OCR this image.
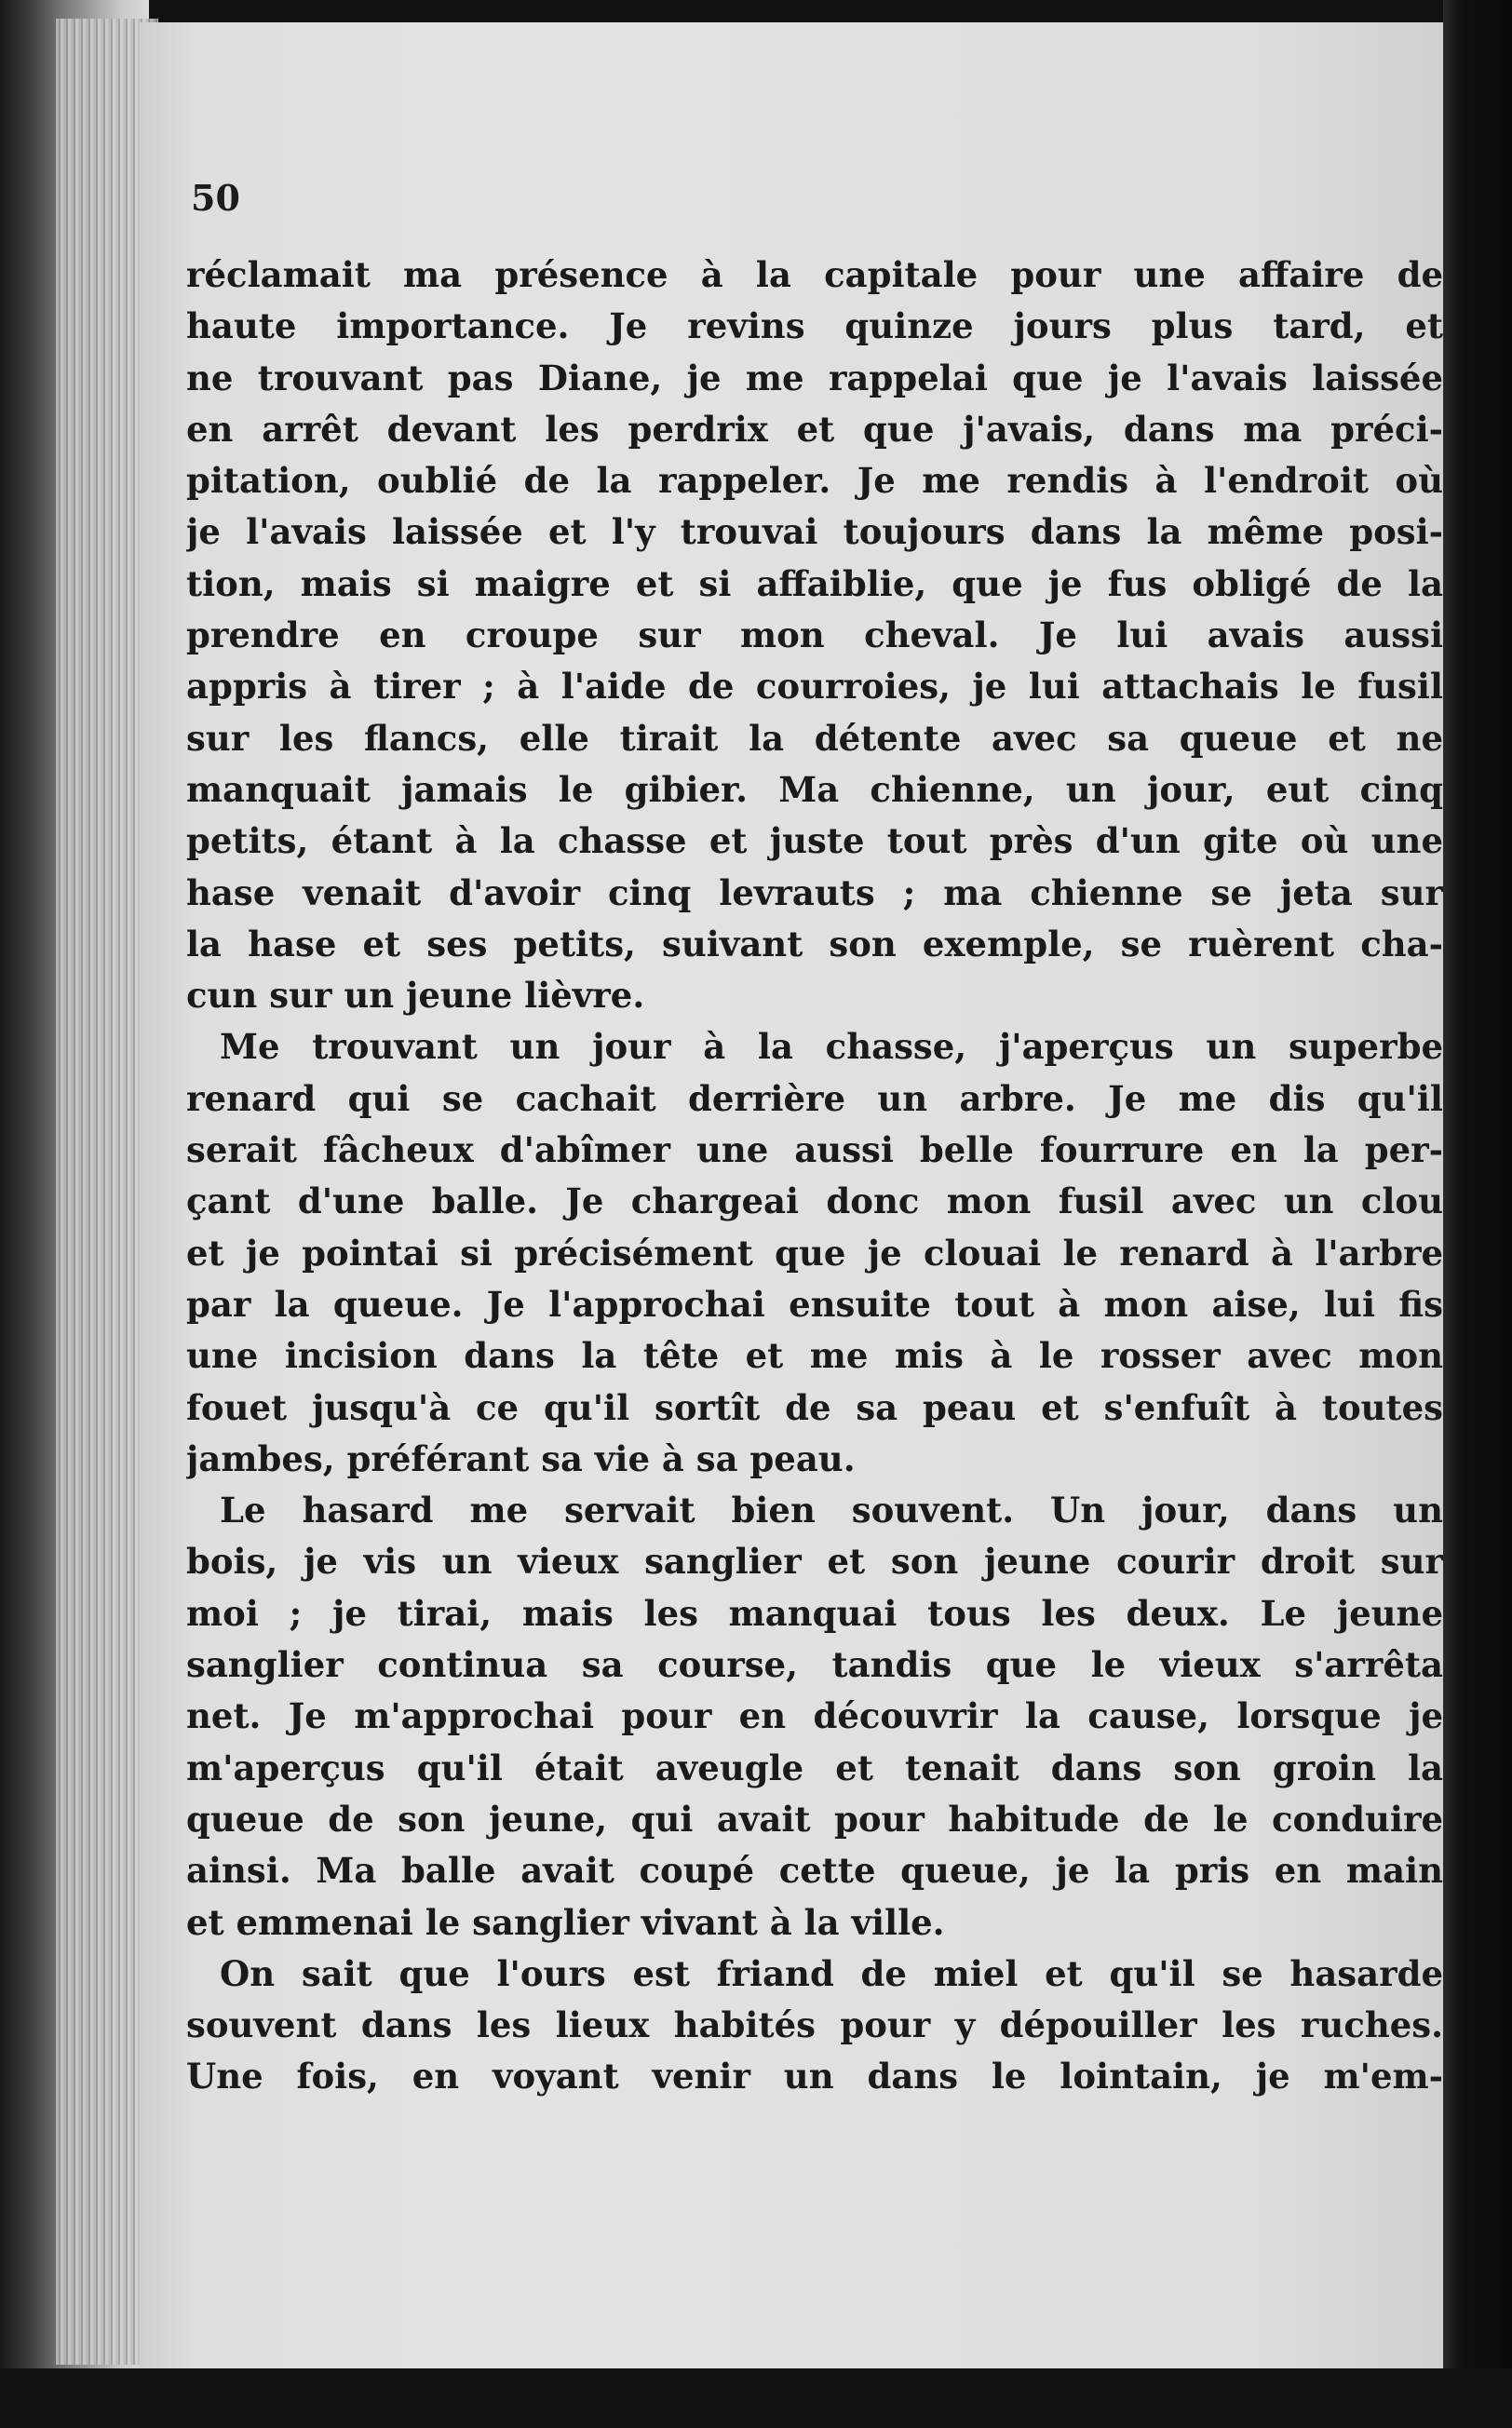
50
réclamait ma présence à la capitale pour une affaire de
haute importance. Je revins quinze jours plus tard, et
ne trouvant pas Diane, je me rappelai que je l'avais laissée
en arrêt devant les perdrix et que j'avais, dans ma préci-
pitation, oublié de la rappeler. Je me rendis à l'endroit où
je l'avais laissée et l'y trouvai toujours dans la même posi-
tion, mais si maigre et si affaiblie, que je fus obligé de la
prendre en croupe sur mon cheval. Je lui avais aussi
appris à tirer ; à l'aide de courroies, je lui attachais le fusil
sur les flancs, elle tirait la détente avec sa queue et ne
manquait jamais le gibier. Ma chienne, un jour, eut cinq
petits, étant à la chasse et juste tout près d'un gite où une
hase venait d'avoir cinq levrauts ; ma chienne se jeta sur
la hase et ses petits, suivant son exemple, se ruèrent cha-
cun sur un jeune lièvre.
Me trouvant un jour à la chasse, j'aperçus un superbe
renard qui se cachait derrière un arbre. Je me dis qu'il
serait fâcheux d'abîmer une aussi belle fourrure en la per-
çant d'une balle. Je chargeai donc mon fusil avec un clou
et je pointai si précisément que je clouai le renard à l'arbre
par la queue. Je l'approchai ensuite tout à mon aise, lui fis
une incision dans la tête et me mis à le rosser avec mon
fouet jusqu'à ce qu'il sortît de sa peau et s'enfuît à toutes
jambes, préférant sa vie à sa peau.
Le hasard me servait bien souvent. Un jour, dans un
bois, je vis un vieux sanglier et son jeune courir droit sur
moi ; je tirai, mais les manquai tous les deux. Le jeune
sanglier continua sa course, tandis que le vieux s'arrêta
net. Je m'approchai pour en découvrir la cause, lorsque je
m'aperçus qu'il était aveugle et tenait dans son groin la
queue de son jeune, qui avait pour habitude de le conduire
ainsi. Ma balle avait coupé cette queue, je la pris en main
et emmenai le sanglier vivant à la ville.
On sait que l'ours est friand de miel et qu'il se hasarde
souvent dans les lieux habités pour y dépouiller les ruches.
Une fois, en voyant venir un dans le lointain, je m'em-
